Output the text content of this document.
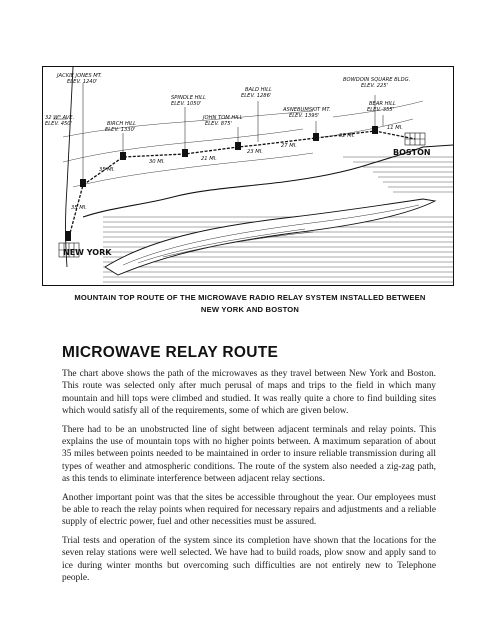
JACKIE JONES MT.
ELEV. 1240'
32 Wᴺ AVE.
ELEV. 450'	BIRCH HILL
ELEV. 1330'
SPINDLE HILL
ELEV. 1050'
JOHN TOM HILL
ELEV. 875'
BALD HILL
ELEV. 1286'
ASNEBUMSKIT MT.
ELEV. 1395'
BOWDOIN SQUARE BLDG.
ELEV. 225'
BEAR HILL
ELEV. 355'
NEW YORK
BOSTON
35 MI.
35 MI.
30 MI.	21 MI.
23 MI.
27 MI.
32 MI.
11 MI.
MOUNTAIN TOP ROUTE OF THE MICROWAVE RADIO RELAY SYSTEM INSTALLED BETWEEN
NEW YORK AND BOSTON
MICROWAVE RELAY ROUTE

The chart above shows the path of the microwaves as they travel between New York and Boston. This route was selected only after much perusal of maps and trips to the field in which many mountain and hill tops were climbed and studied. It was really quite a chore to find building sites which would satisfy all of the requirements, some of which are given below.

There had to be an unobstructed line of sight between adjacent terminals and relay points. This explains the use of mountain tops with no higher points between. A maximum separation of about 35 miles between points needed to be maintained in order to insure reliable transmission during all types of weather and atmospheric conditions. The route of the system also needed a zig-zag path, as this tends to eliminate interference between adjacent relay sections.

Another important point was that the sites be accessible throughout the year. Our employees must be able to reach the relay points when required for necessary repairs and adjustments and a reliable supply of electric power, fuel and other necessities must be assured.

Trial tests and operation of the system since its completion have shown that the locations for the seven relay stations were well selected. We have had to build roads, plow snow and apply sand to ice during winter months but overcoming such difficulties are not entirely new to Telephone people.
